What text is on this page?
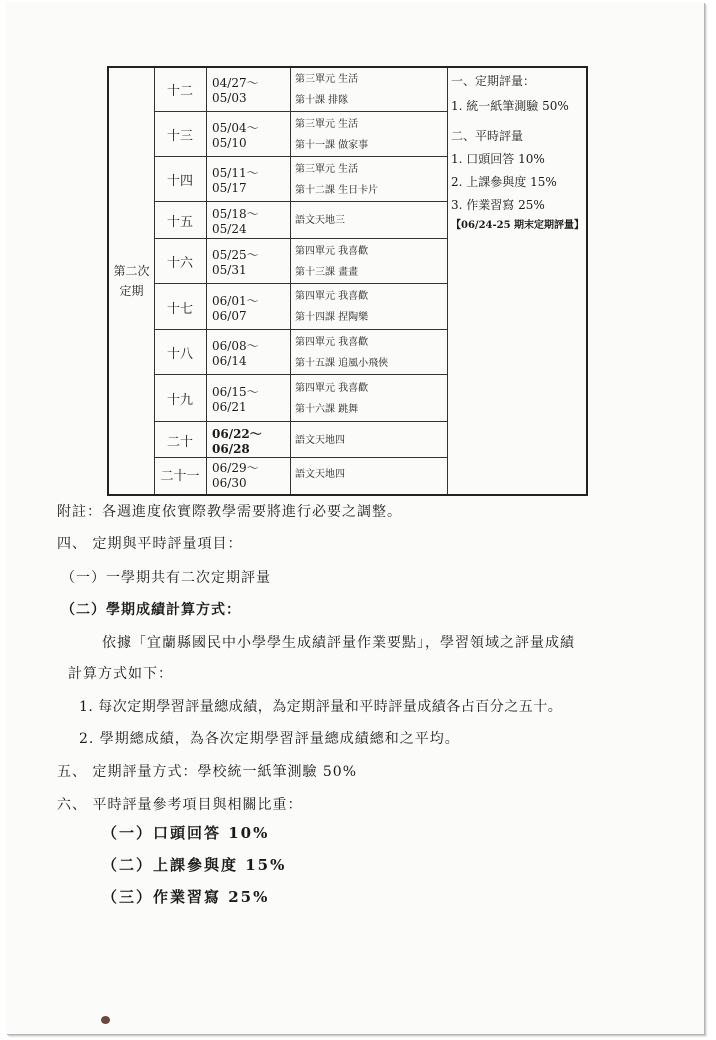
第二次
定期
十二
04/27～05/03
第三單元 生活
第十課 排隊
十三
05/04～05/10
第三單元 生活
第十一課 做家事
十四
05/11～05/17
第三單元 生活
第十二課 生日卡片
十五
05/18～05/24
語文天地三
十六
05/25～05/31
第四單元 我喜歡
第十三課 畫畫
十七
06/01～06/07
第四單元 我喜歡
第十四課 捏陶樂
十八
06/08～06/14
第四單元 我喜歡
第十五課 追風小飛俠
十九
06/15～06/21
第四單元 我喜歡
第十六課 跳舞
二十
06/22～06/28
語文天地四
二十一
06/29～06/30
語文天地四
一、定期評量：
1. 統一紙筆測驗 50%
二、平時評量
1. 口頭回答 10%
2. 上課參與度 15%
3. 作業習寫 25%
【06/24-25 期末定期評量】
附註：各週進度依實際教學需要將進行必要之調整。
四、 定期與平時評量項目：
（一）一學期共有二次定期評量
（二）學期成績計算方式：
依據「宜蘭縣國民中小學學生成績評量作業要點」，學習領域之評量成績
計算方式如下：
1. 每次定期學習評量總成績，為定期評量和平時評量成績各占百分之五十。
2. 學期總成績，為各次定期學習評量總成績總和之平均。
五、 定期評量方式：學校統一紙筆測驗 50%
六、 平時評量參考項目與相關比重：
（一）口頭回答 10%
（二）上課參與度 15%
（三）作業習寫 25%
